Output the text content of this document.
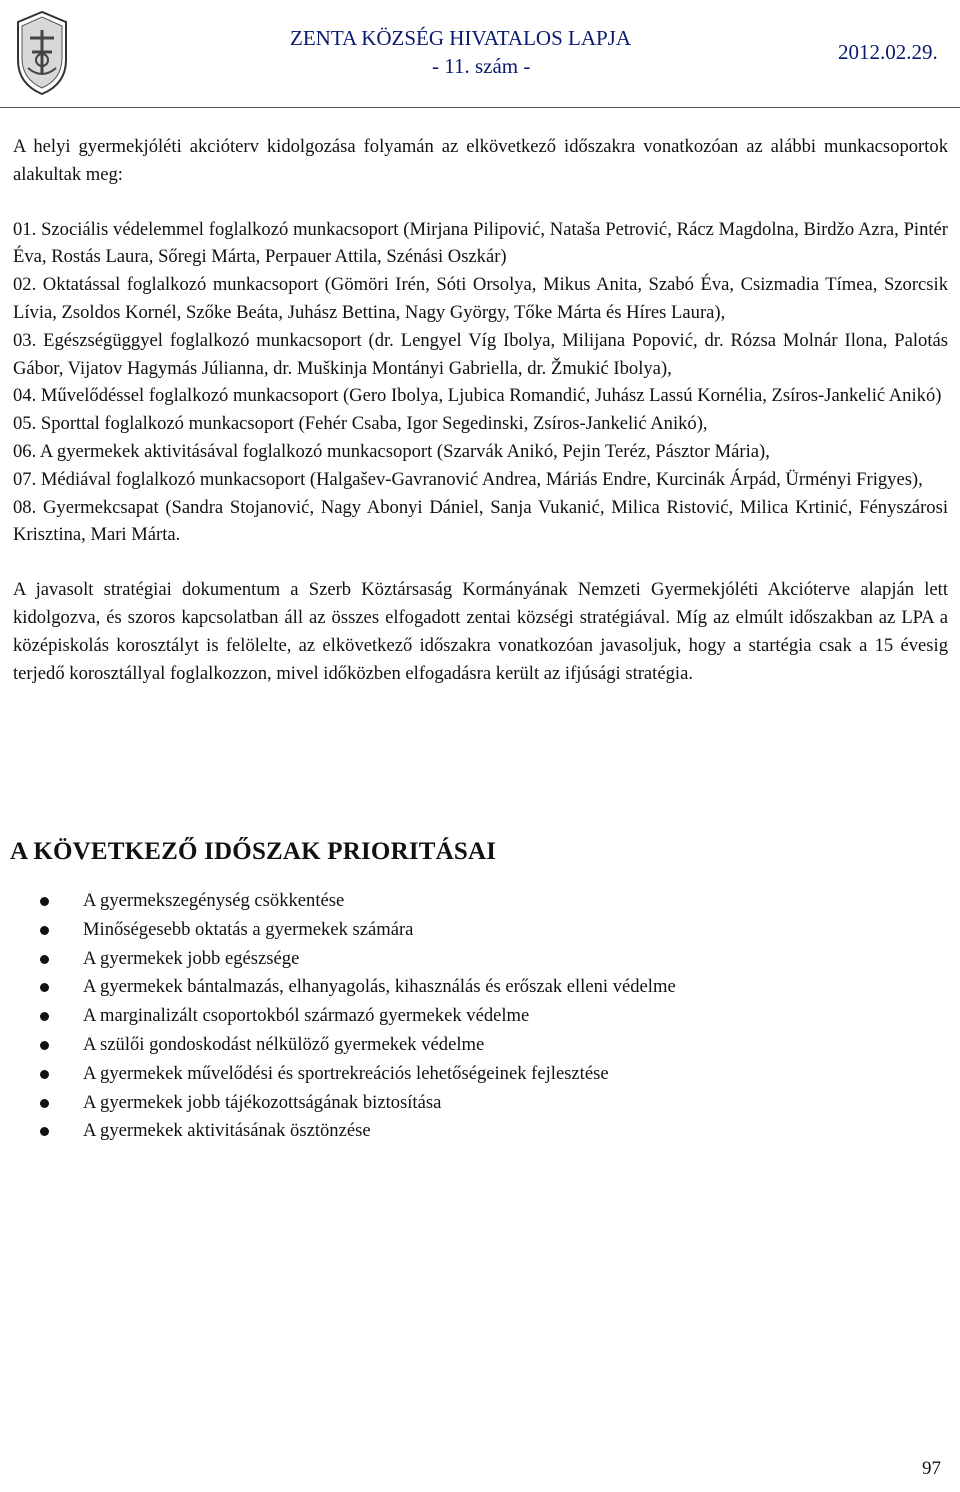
ZENTA KÖZSÉG HIVATALOS LAPJA
- 11. szám -
2012.02.29.

A helyi gyermekjóléti akcióterv kidolgozása folyamán az elkövetkező időszakra vonatkozóan az alábbi munkacsoportok alakultak meg:

01. Szociális védelemmel foglalkozó munkacsoport (Mirjana Pilipović, Nataša Petrović, Rácz Magdolna, Birdžo Azra, Pintér Éva, Rostás Laura, Sőregi Márta, Perpauer Attila, Szénási Oszkár)

02. Oktatással foglalkozó munkacsoport (Gömöri Irén, Sóti Orsolya, Mikus Anita, Szabó Éva, Csizmadia Tímea, Szorcsik Lívia, Zsoldos Kornél, Szőke Beáta, Juhász Bettina, Nagy György, Tőke Márta és Híres Laura),

03. Egészségüggyel foglalkozó munkacsoport (dr. Lengyel Víg Ibolya, Milijana Popović, dr. Rózsa Molnár Ilona, Palotás Gábor, Vijatov Hagymás Júlianna, dr. Muškinja Montányi Gabriella, dr. Žmukić Ibolya),

04. Művelődéssel foglalkozó munkacsoport (Gero Ibolya, Ljubica Romandić, Juhász Lassú Kornélia, Zsíros-Jankelić Anikó)

05. Sporttal foglalkozó munkacsoport (Fehér Csaba, Igor Segedinski, Zsíros-Jankelić Anikó),

06. A gyermekek aktivitásával foglalkozó munkacsoport (Szarvák Anikó, Pejin Teréz, Pásztor Mária),

07. Médiával foglalkozó munkacsoport (Halgašev-Gavranović Andrea, Máriás Endre, Kurcinák Árpád, Ürményi Frigyes),

08. Gyermekcsapat (Sandra Stojanović, Nagy Abonyi Dániel, Sanja Vukanić, Milica Ristović, Milica Krtinić, Fényszárosi Krisztina, Mari Márta.

A javasolt stratégiai dokumentum a Szerb Köztársaság Kormányának Nemzeti Gyermekjóléti Akcióterve alapján lett kidolgozva, és szoros kapcsolatban áll az összes elfogadott zentai községi stratégiával. Míg az elmúlt időszakban az LPA a középiskolás korosztályt is felölelte, az elkövetkező időszakra vonatkozóan javasoljuk, hogy a startégia csak a 15 évesig terjedő korosztállyal foglalkozzon, mivel időközben elfogadásra került az ifjúsági stratégia.

A KÖVETKEZŐ IDŐSZAK PRIORITÁSAI
A gyermekszegénység csökkentése
Minőségesebb oktatás a gyermekek számára
A gyermekek jobb egészsége
A gyermekek bántalmazás, elhanyagolás, kihasználás és erőszak elleni védelme
A marginalizált csoportokból származó gyermekek védelme
A szülői gondoskodást nélkülöző gyermekek védelme
A gyermekek művelődési és sportrekreációs lehetőségeinek fejlesztése
A gyermekek jobb tájékozottságának biztosítása
A gyermekek aktivitásának ösztönzése
97
